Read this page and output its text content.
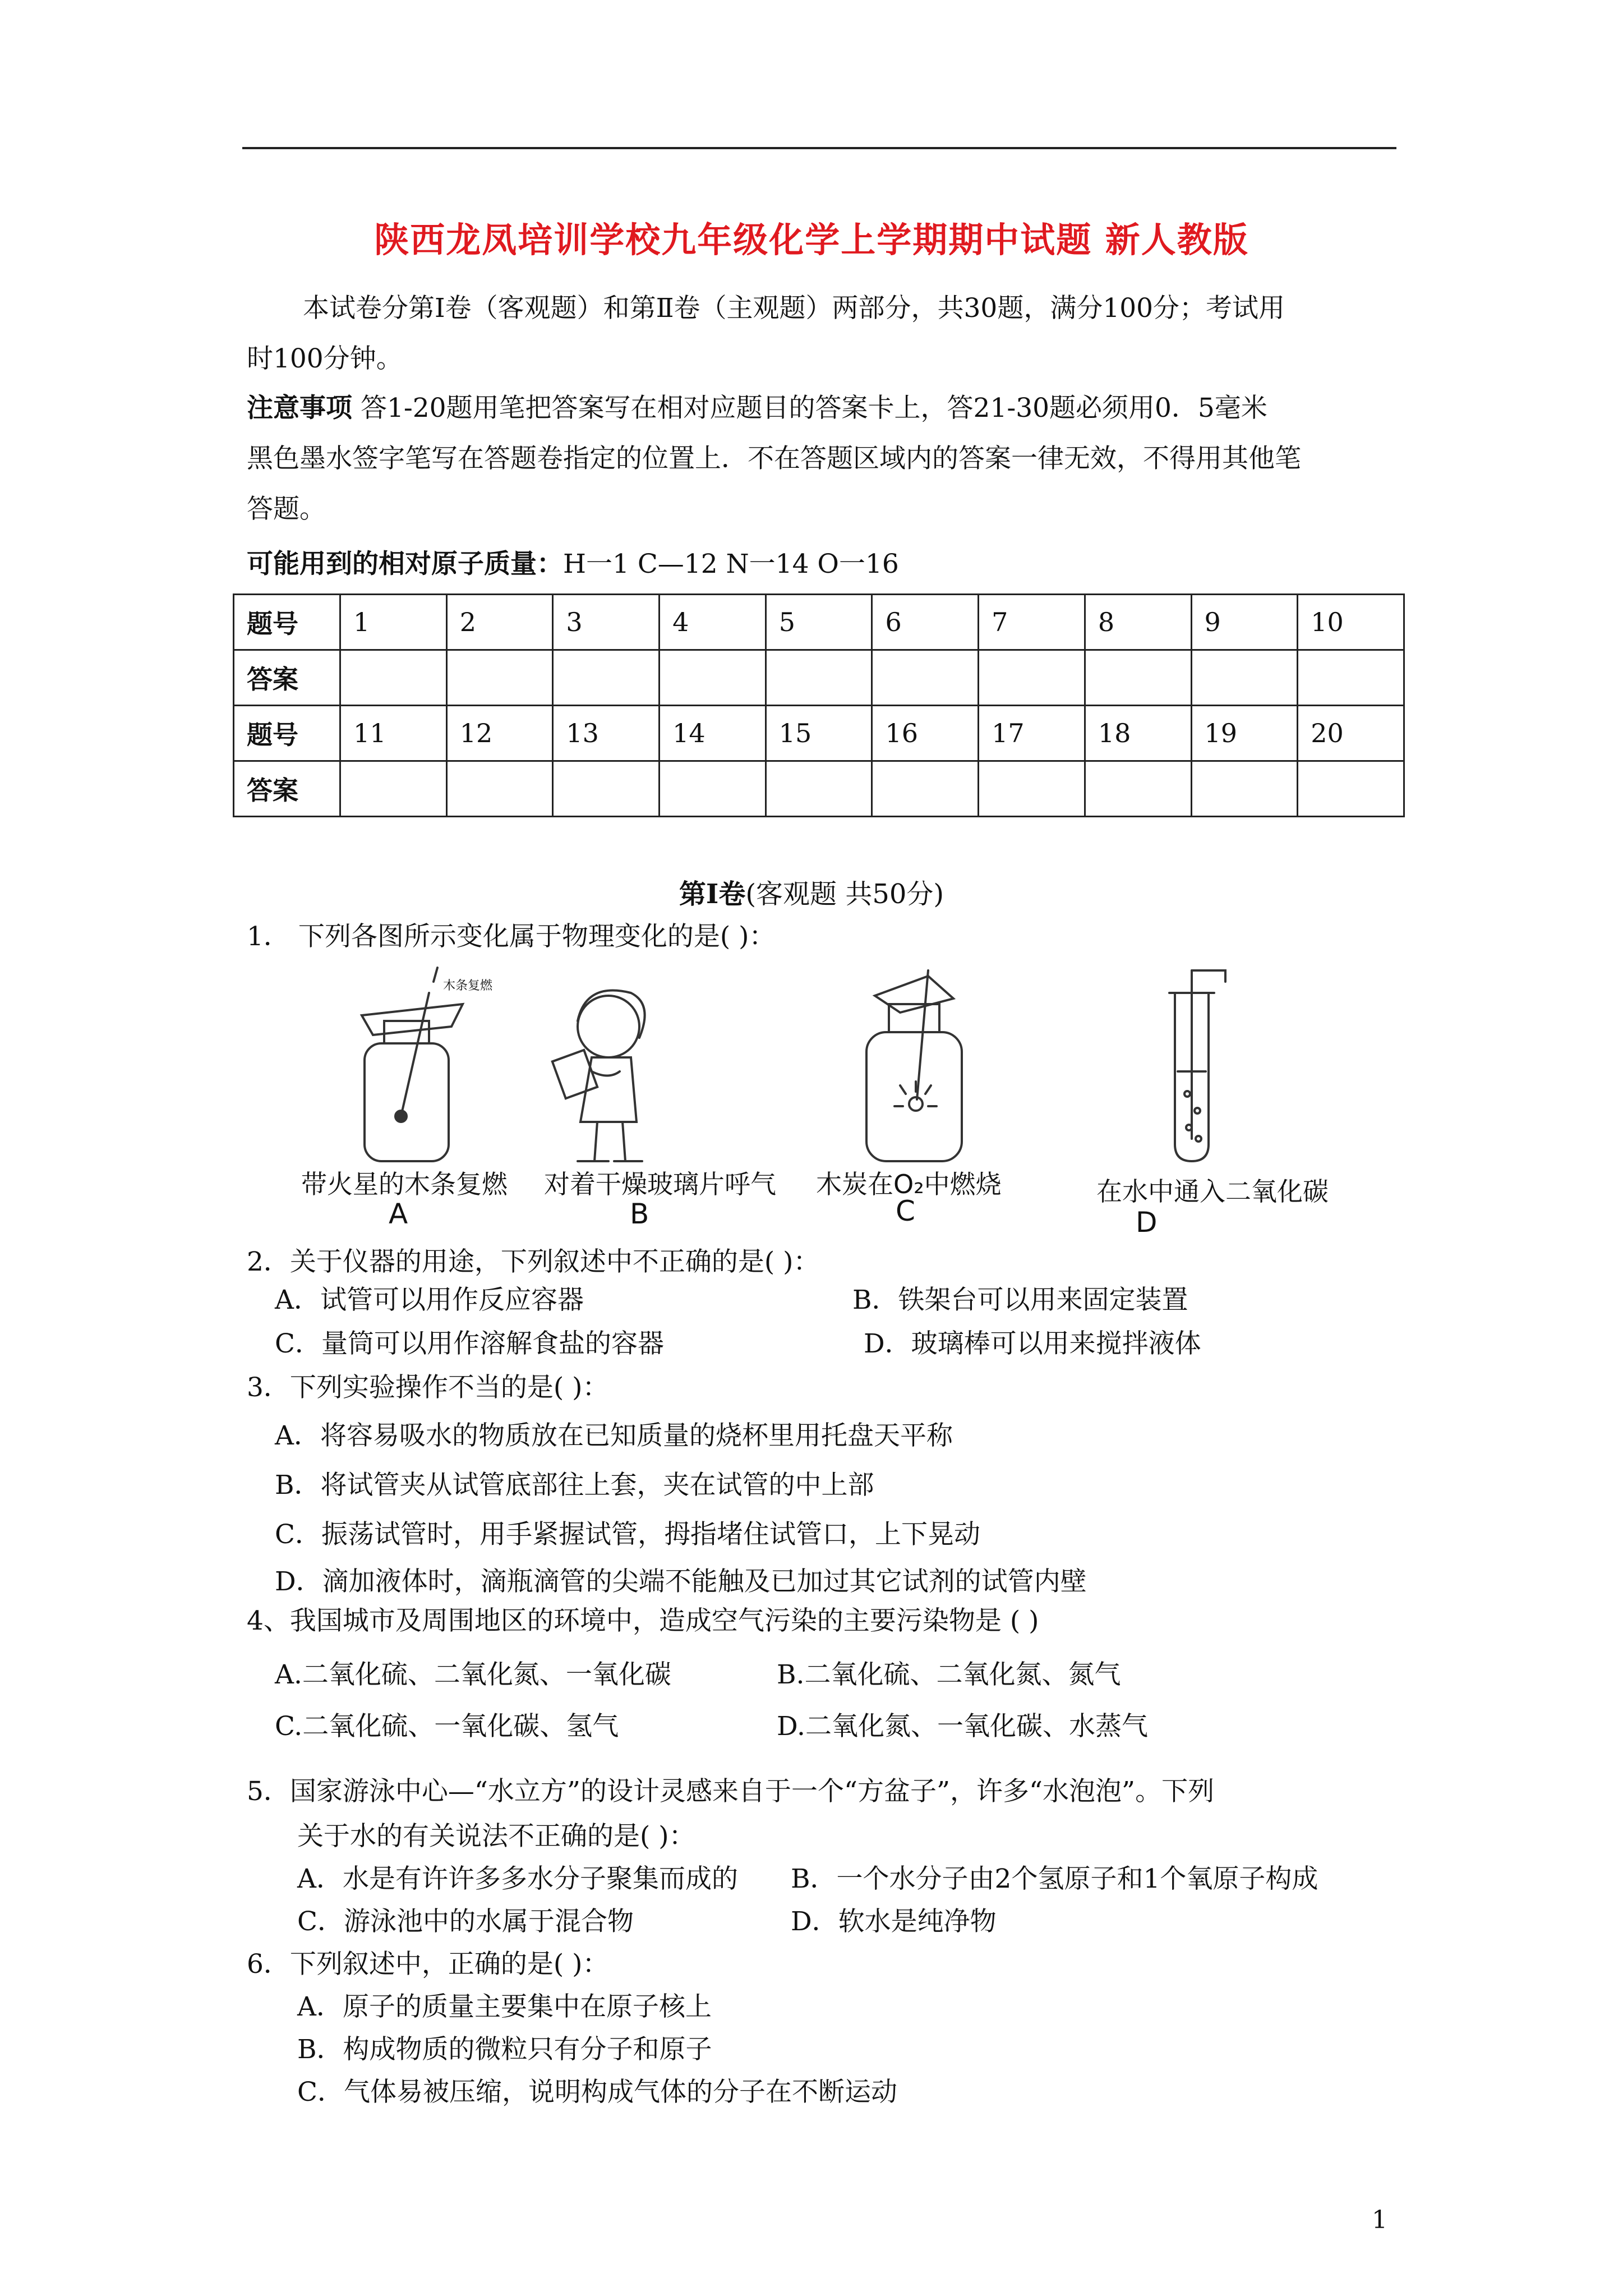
陕西龙凤培训学校九年级化学上学期期中试题 新人教版
本试卷分第Ⅰ卷（客观题）和第Ⅱ卷（主观题）两部分，共30题，满分100分；考试用
时100分钟。
注意事项 答1-20题用笔把答案写在相对应题目的答案卡上，答21-30题必须用0．5毫米
黑色墨水签字笔写在答题卷指定的位置上．不在答题区域内的答案一律无效，不得用其他笔
答题。
可能用到的相对原子质量：H一1 C—12 N一14 O一16
题号	1	2	3	4	5	6	7	8	9	10
答案										
题号	11	12	13	14	15	16	17	18	19	20
答案										
第Ⅰ卷(客观题 共50分)
1． 下列各图所示变化属于物理变化的是( )：
带火星的木条复燃 对着干燥玻璃片呼气 木炭在O₂中燃烧	在水中通入二氧化碳
木条复燃
A	B	C	D
2．关于仪器的用途，下列叙述中不正确的是( )：
A．试管可以用作反应容器	B．铁架台可以用来固定装置
C．量筒可以用作溶解食盐的容器	D．玻璃棒可以用来搅拌液体
3．下列实验操作不当的是( )：
A．将容易吸水的物质放在已知质量的烧杯里用托盘天平称
B．将试管夹从试管底部往上套，夹在试管的中上部
C．振荡试管时，用手紧握试管，拇指堵住试管口，上下晃动
D．滴加液体时，滴瓶滴管的尖端不能触及已加过其它试剂的试管内壁
4、我国城市及周围地区的环境中，造成空气污染的主要污染物是 ( )
A.二氧化硫、二氧化氮、一氧化碳	B.二氧化硫、二氧化氮、氮气
C.二氧化硫、一氧化碳、氢气	D.二氧化氮、一氧化碳、水蒸气
5．国家游泳中心—“水立方”的设计灵感来自于一个“方盆子”，许多“水泡泡”。下列
关于水的有关说法不正确的是( )：
A．水是有许许多多水分子聚集而成的 B．一个水分子由2个氢原子和1个氧原子构成
C．游泳池中的水属于混合物	D．软水是纯净物
6．下列叙述中，正确的是( )：
A．原子的质量主要集中在原子核上
B．构成物质的微粒只有分子和原子
C．气体易被压缩，说明构成气体的分子在不断运动
1
